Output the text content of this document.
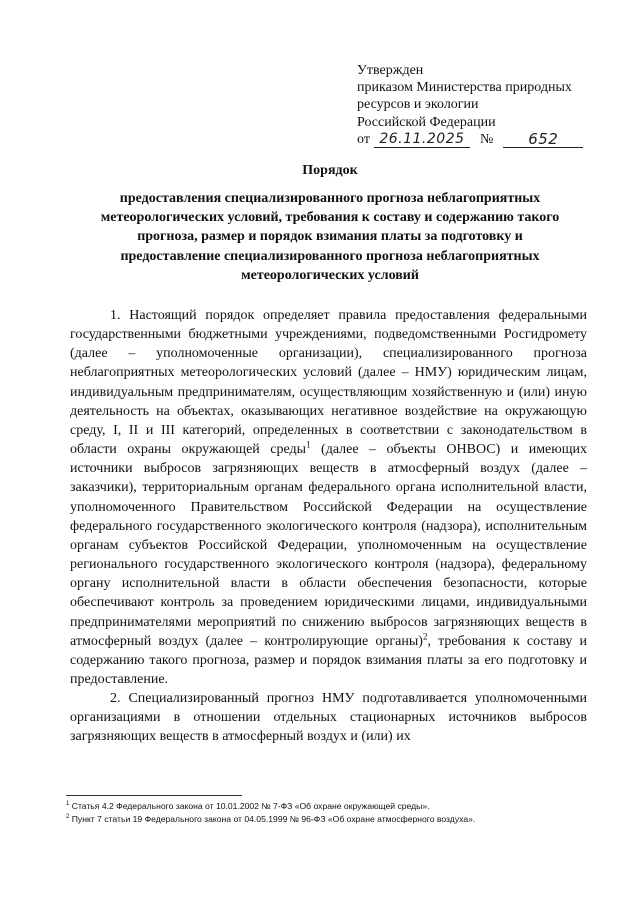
Утвержден
приказом Министерства природных
ресурсов и экологии
Российской Федерации
от 26.11.2025	№	652
Порядок
предоставления специализированного прогноза неблагоприятных
метеорологических условий, требования к составу и содержанию такого
прогноза, размер и порядок взимания платы за подготовку и
предоставление специализированного прогноза неблагоприятных
метеорологических условий

1. Настоящий порядок определяет правила предоставления федеральными государственными бюджетными учреждениями, подведомственными Росгидромету (далее – уполномоченные организации), специализированного прогноза неблагоприятных метеорологических условий (далее – НМУ) юридическим лицам, индивидуальным предпринимателям, осуществляющим хозяйственную и (или) иную деятельность на объектах, оказывающих негативное воздействие на окружающую среду, I, II и III категорий, определенных в соответствии с законодательством в области охраны окружающей среды$^1$ (далее – объекты ОНВОС) и имеющих источники выбросов загрязняющих веществ в атмосферный воздух (далее – заказчики), территориальным органам федерального органа исполнительной власти, уполномоченного Правительством Российской Федерации на осуществление федерального государственного экологического контроля (надзора), исполнительным органам субъектов Российской Федерации, уполномоченным на осуществление регионального государственного экологического контроля (надзора), федеральному органу исполнительной власти в области обеспечения безопасности, которые обеспечивают контроль за проведением юридическими лицами, индивидуальными предпринимателями мероприятий по снижению выбросов загрязняющих веществ в атмосферный воздух (далее – контролирующие органы)$^2$, требования к составу и содержанию такого прогноза, размер и порядок взимания платы за его подготовку и предоставление.

2. Специализированный прогноз НМУ подготавливается уполномоченными организациями в отношении отдельных стационарных источников выбросов загрязняющих веществ в атмосферный воздух и (или) их

$^1$ Статья 4.2 Федерального закона от 10.01.2002 № 7-ФЗ «Об охране окружающей среды».
$^2$ Пункт 7 статьи 19 Федерального закона от 04.05.1999 № 96-ФЗ «Об охране атмосферного воздуха».
